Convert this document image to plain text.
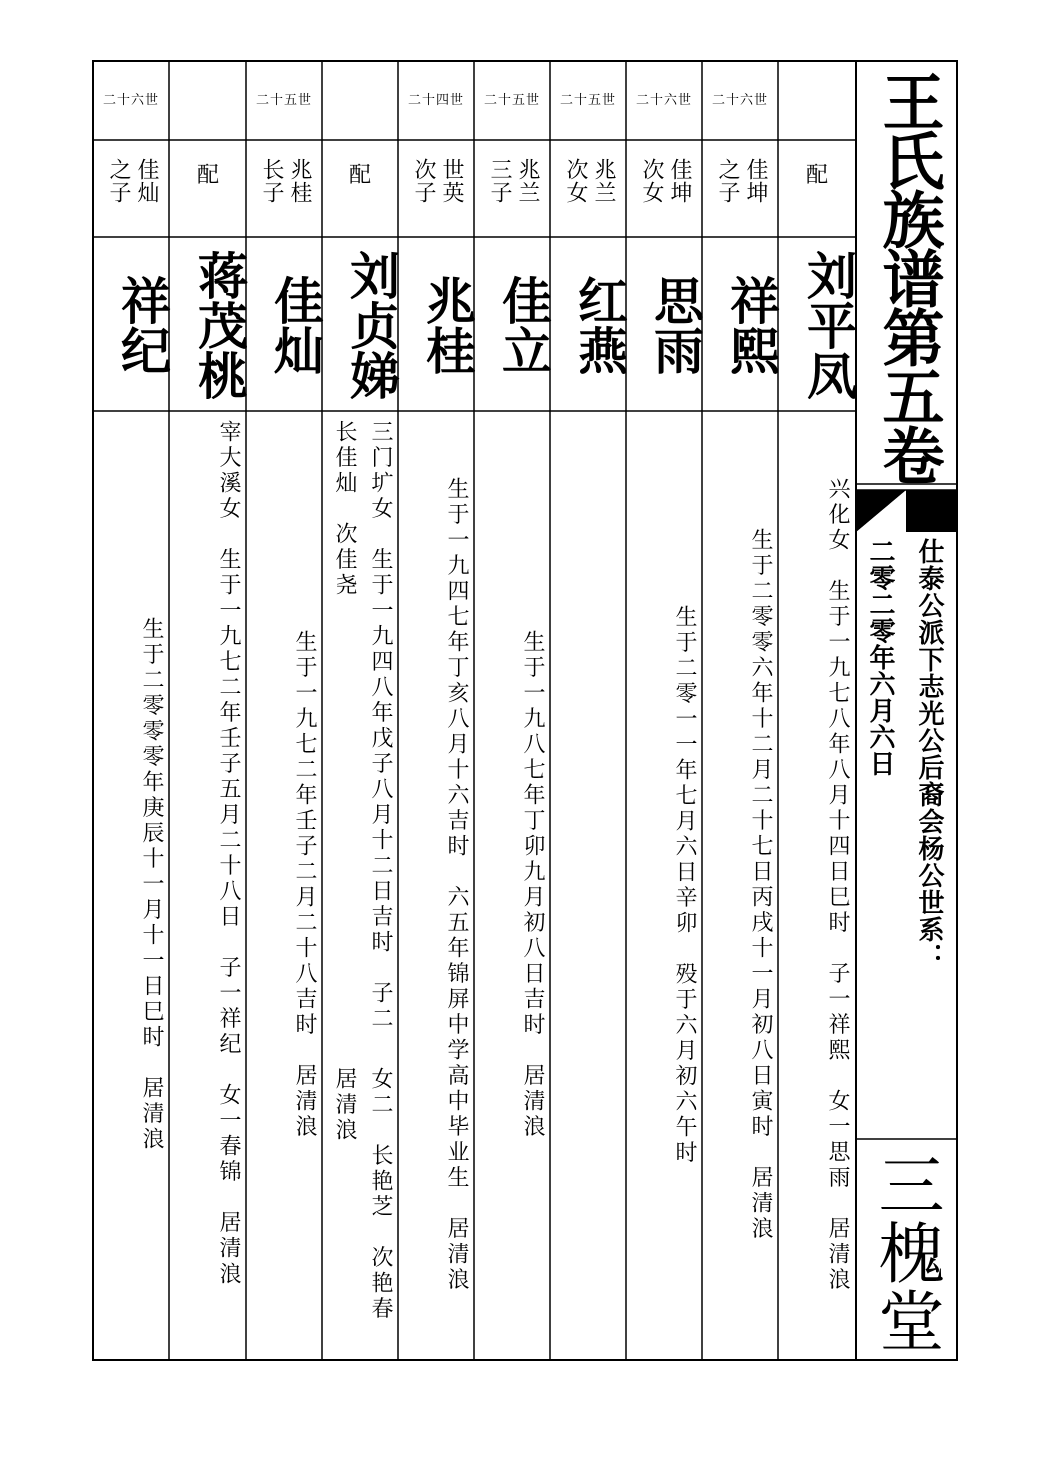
王氏族谱第五卷
仕泰公派下志光公后裔会杨公世系：
二零二零年六月六日
三槐堂
配
刘平凤
兴化女　生于一九七八年八月十四日巳时　子一祥熙　女一思雨　居清浪
二十六世
佳坤
之子
祥熙
生于二零零六年十二月二十七日丙戌十一月初八日寅时　居清浪
二十六世
佳坤
次女
思雨
生于二零一一年七月六日辛卯　殁于六月初六午时
二十五世
兆兰
次女
红燕
二十五世
兆兰
三子
佳立
生于一九八七年丁卯九月初八日吉时　居清浪
二十四世
世英
次子
兆桂
生于一九四七年丁亥八月十六吉时　六五年锦屏中学高中毕业生　居清浪
配
刘贞娣
三门圹女　生于一九四八年戊子八月十二日吉时　子二　长佳灿　次佳尧
女二　长艳芝　次艳春　居清浪
二十五世
兆桂
长子
佳灿
生于一九七二年壬子二月二十八吉时　居清浪
配
蒋茂桃
宰大溪女　生于一九七二年壬子五月二十八日　子一祥纪　女一春锦　居清
浪
二十六世
佳灿
之子
祥纪
生于二零零零年庚辰十一月十一日巳时　居清浪
